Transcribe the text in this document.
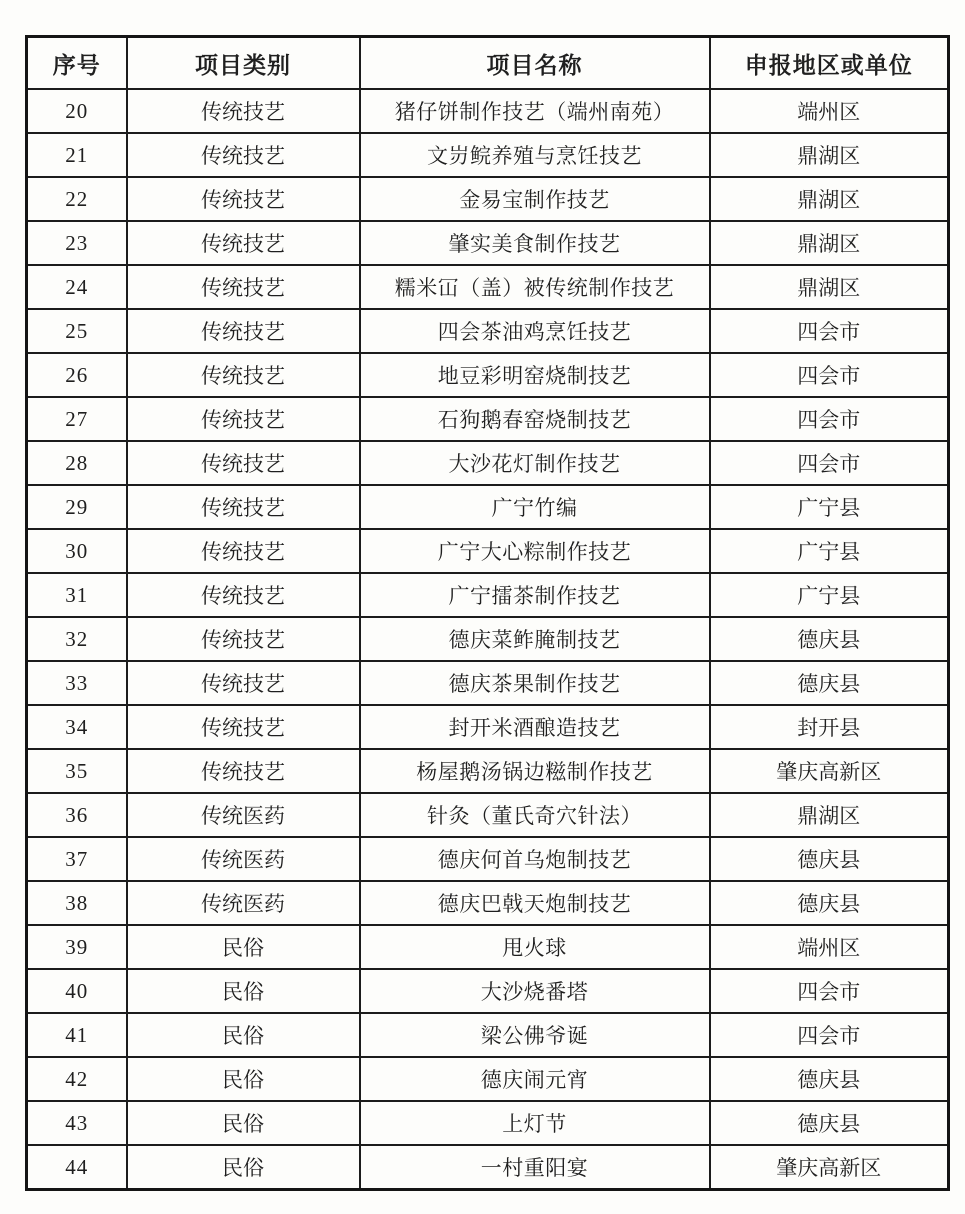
序号	项目类别	项目名称	申报地区或单位
20	传统技艺	猪仔饼制作技艺（端州南苑）	端州区
21	传统技艺	文岃鲩养殖与烹饪技艺	鼎湖区
22	传统技艺	金易宝制作技艺	鼎湖区
23	传统技艺	肇实美食制作技艺	鼎湖区
24	传统技艺	糯米冚（盖）被传统制作技艺	鼎湖区
25	传统技艺	四会茶油鸡烹饪技艺	四会市
26	传统技艺	地豆彩明窑烧制技艺	四会市
27	传统技艺	石狗鹅春窑烧制技艺	四会市
28	传统技艺	大沙花灯制作技艺	四会市
29	传统技艺	广宁竹编	广宁县
30	传统技艺	广宁大心粽制作技艺	广宁县
31	传统技艺	广宁擂茶制作技艺	广宁县
32	传统技艺	德庆菜鲊腌制技艺	德庆县
33	传统技艺	德庆茶果制作技艺	德庆县
34	传统技艺	封开米酒酿造技艺	封开县
35	传统技艺	杨屋鹅汤锅边糍制作技艺	肇庆高新区
36	传统医药	针灸（董氏奇穴针法）	鼎湖区
37	传统医药	德庆何首乌炮制技艺	德庆县
38	传统医药	德庆巴戟天炮制技艺	德庆县
39	民俗	甩火球	端州区
40	民俗	大沙烧番塔	四会市
41	民俗	梁公佛爷诞	四会市
42	民俗	德庆闹元宵	德庆县
43	民俗	上灯节	德庆县
44	民俗	一村重阳宴	肇庆高新区
